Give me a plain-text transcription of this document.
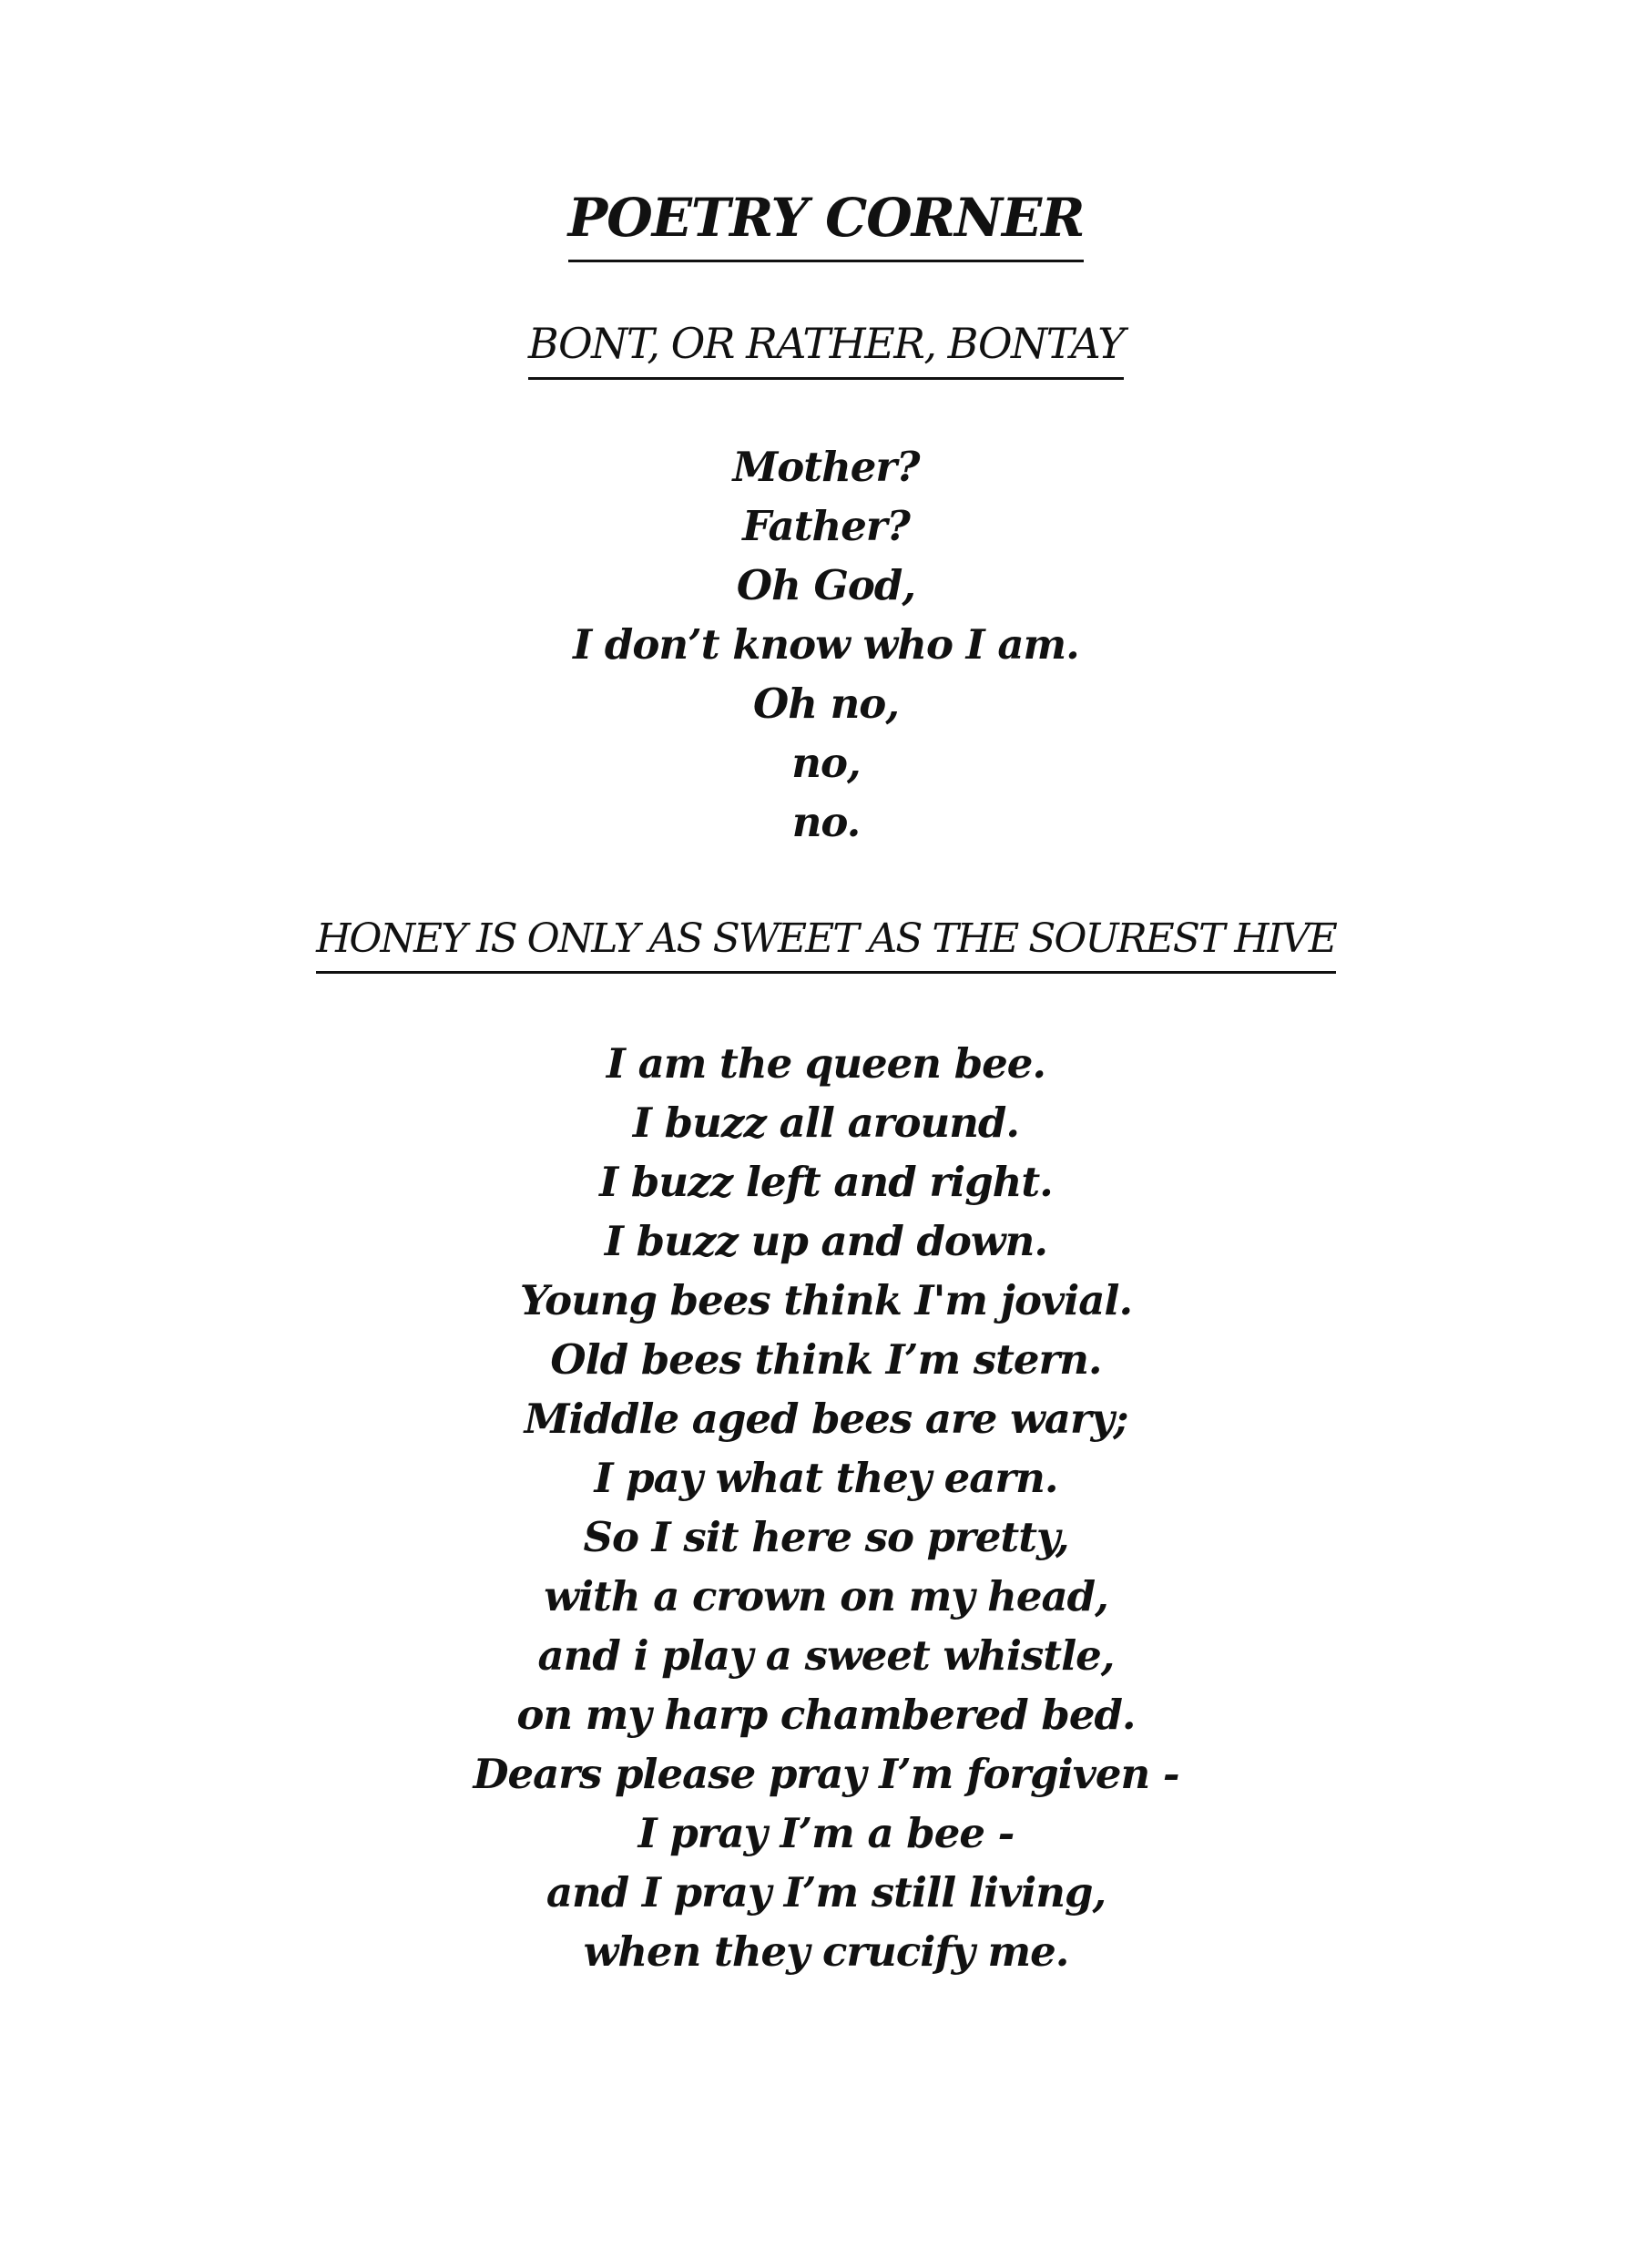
POETRY CORNER
BONT, OR RATHER, BONTAY
Mother?
Father?
Oh God,
I don’t know who I am.
Oh no,
no,
no.
HONEY IS ONLY AS SWEET AS THE SOUREST HIVE
I am the queen bee.
I buzz all around.
I buzz left and right.
I buzz up and down.
Young bees think I'm jovial.
Old bees think I’m stern.
Middle aged bees are wary;
I pay what they earn.
So I sit here so pretty,
with a crown on my head,
and i play a sweet whistle,
on my harp chambered bed.
Dears please pray I’m forgiven -
I pray I’m a bee -
and I pray I’m still living,
when they crucify me.
